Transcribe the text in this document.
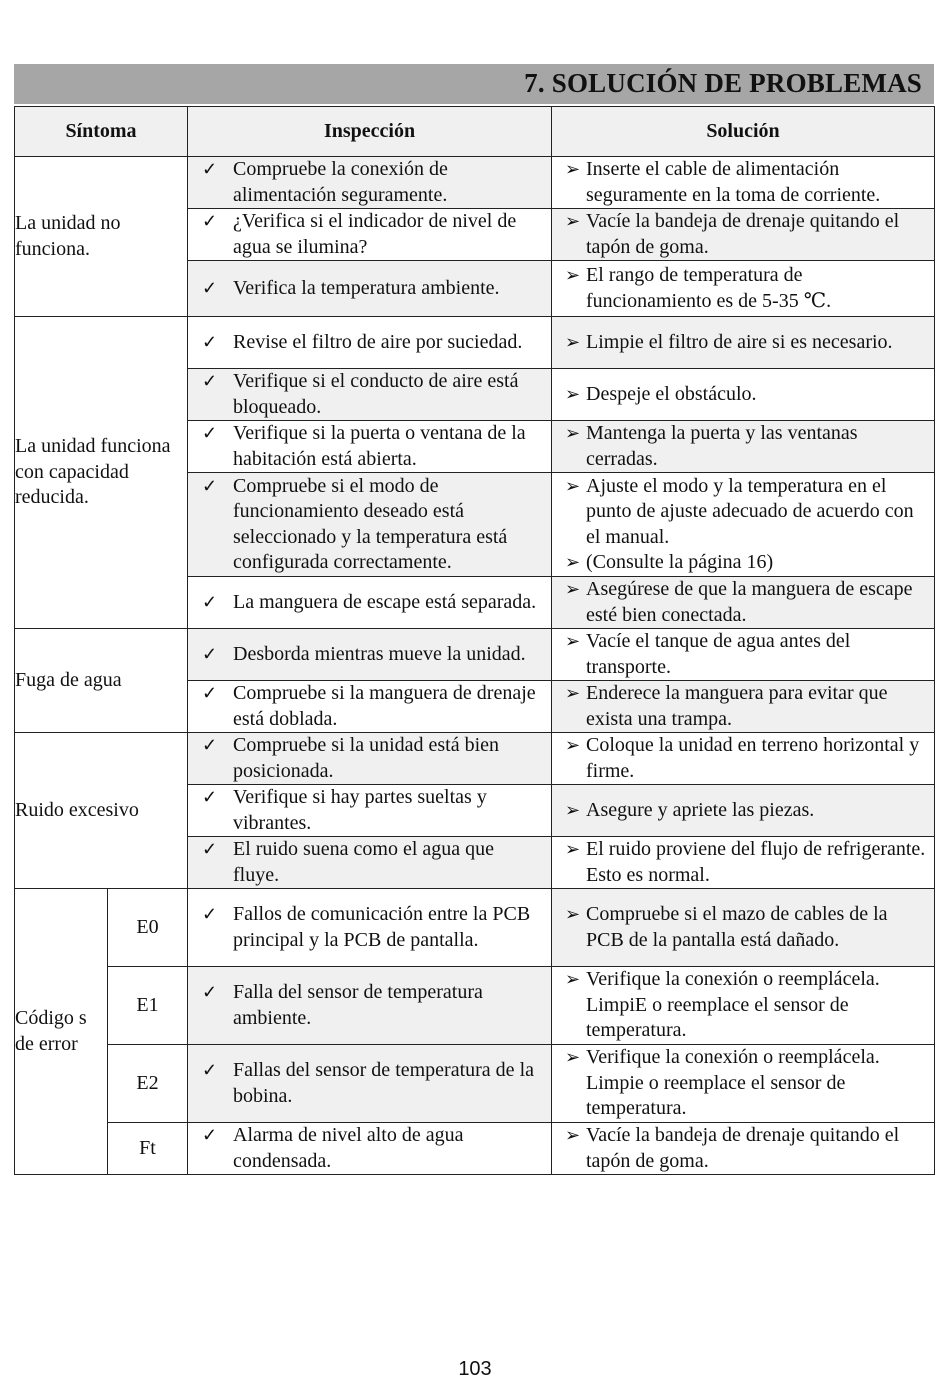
7. SOLUCIÓN DE PROBLEMAS
Síntoma		Inspección	Solución
La unidad no funciona.		✓ Compruebe la conexión de alimentación seguramente.	➢ Inserte el cable de alimentación seguramente en la toma de corriente.

		✓ ¿Verifica si el indicador de nivel de agua se ilumina?	➢ Vacíe la bandeja de drenaje quitando el tapón de goma.

		✓ Verifica la temperatura ambiente.	➢ El rango de temperatura de funcionamiento es de 5-35 ℃.

La unidad funciona con capacidad reducida.		✓ Revise el filtro de aire por suciedad.	➢ Limpie el filtro de aire si es necesario.

		✓ Verifique si el conducto de aire está bloqueado.	➢ Despeje el obstáculo.

		✓ Verifique si la puerta o ventana de la habitación está abierta.	➢ Mantenga la puerta y las ventanas cerradas.

		✓ Compruebe si el modo de funcionamiento deseado está seleccionado y la temperatura está configurada correctamente.	➢ Ajuste el modo y la temperatura en el punto de ajuste adecuado de acuerdo con el manual.
➢ (Consulte la página 16)

		✓ La manguera de escape está separada.	➢ Asegúrese de que la manguera de escape esté bien conectada.

Fuga de agua		✓ Desborda mientras mueve la unidad.	➢ Vacíe el tanque de agua antes del transporte.

		✓ Compruebe si la manguera de drenaje está doblada.	➢ Enderece la manguera para evitar que exista una trampa.

Ruido excesivo		✓ Compruebe si la unidad está bien posicionada.	➢ Coloque la unidad en terreno horizontal y firme.

		✓ Verifique si hay partes sueltas y vibrantes.	➢ Asegure y apriete las piezas.

		✓ El ruido suena como el agua que fluye.	➢ El ruido proviene del flujo de refrigerante. Esto es normal.

Código s de error	E0	✓ Fallos de comunicación entre la PCB principal y la PCB de pantalla.	➢ Compruebe si el mazo de cables de la PCB de la pantalla está dañado.

	E1	✓ Falla del sensor de temperatura ambiente.	➢ Verifique la conexión o reemplácela. LimpiE o reemplace el sensor de temperatura.

	E2	✓ Fallas del sensor de temperatura de la bobina.	➢ Verifique la conexión o reemplácela. Limpie o reemplace el sensor de temperatura.

	Ft	✓ Alarma de nivel alto de agua condensada.	➢ Vacíe la bandeja de drenaje quitando el tapón de goma.
103
